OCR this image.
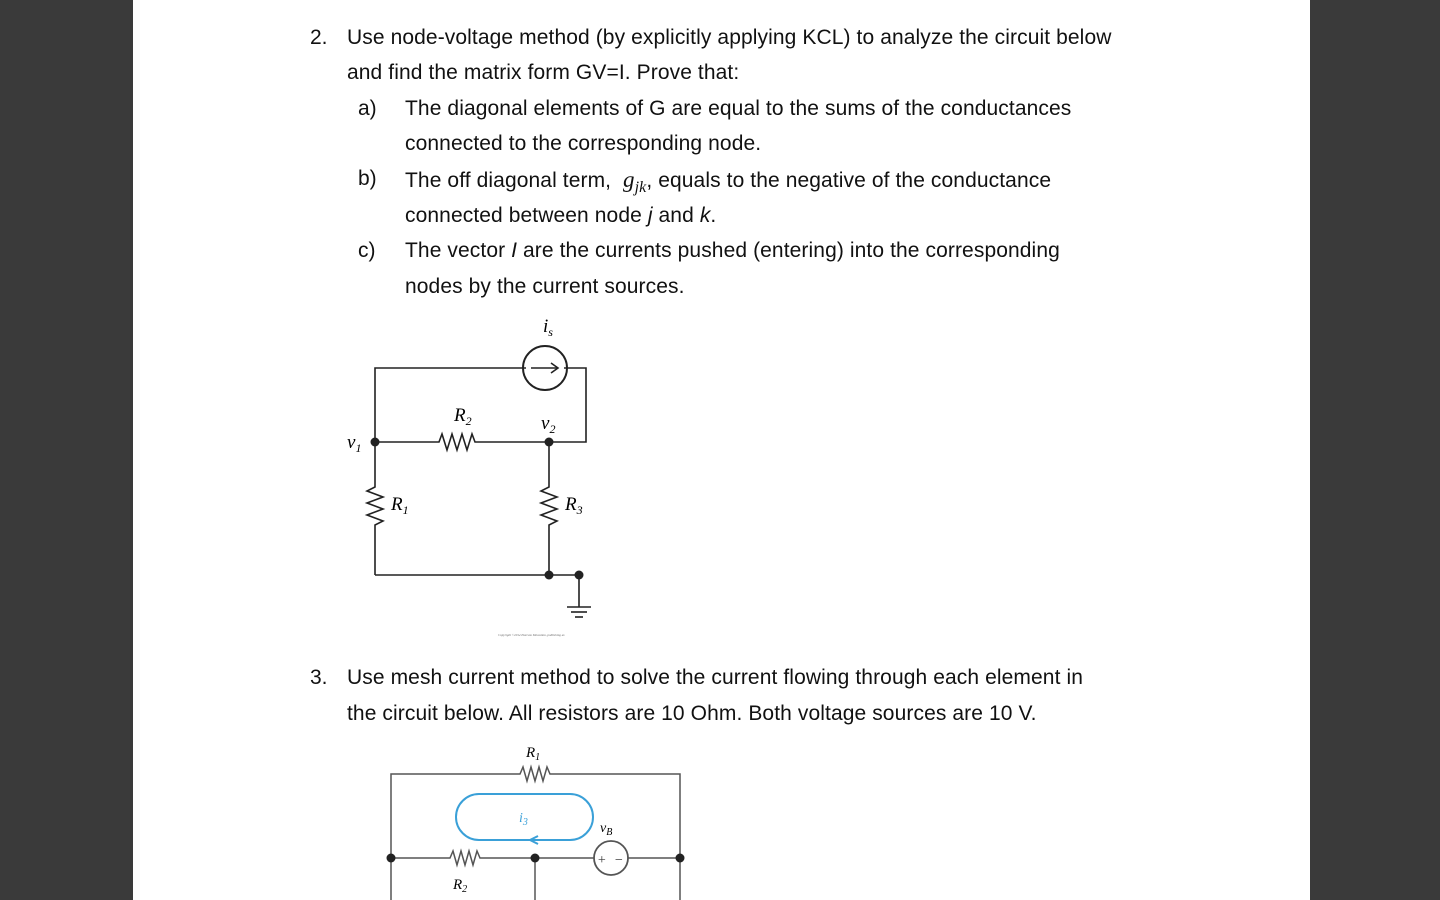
2. Use node-voltage method (by explicitly applying KCL) to analyze the circuit below
and find the matrix form GV=I. Prove that:
a) The diagonal elements of G are equal to the sums of the conductances
connected to the corresponding node.
b) The off diagonal term, $g_{jk}$, equals to the negative of the conductance
connected between node j and k.
c) The vector I are the currents pushed (entering) into the corresponding
nodes by the current sources.
$i_s$
$R_2$	$v_2$
$v_1$
$R_1$	$R_3$
Copyright ©2014 Pearson Education, publishing as
3. Use mesh current method to solve the current flowing through each element in
the circuit below. All resistors are 10 Ohm. Both voltage sources are 10 V.
$R_1$
$R_2$
$i_3$	$v_B$
+ −
